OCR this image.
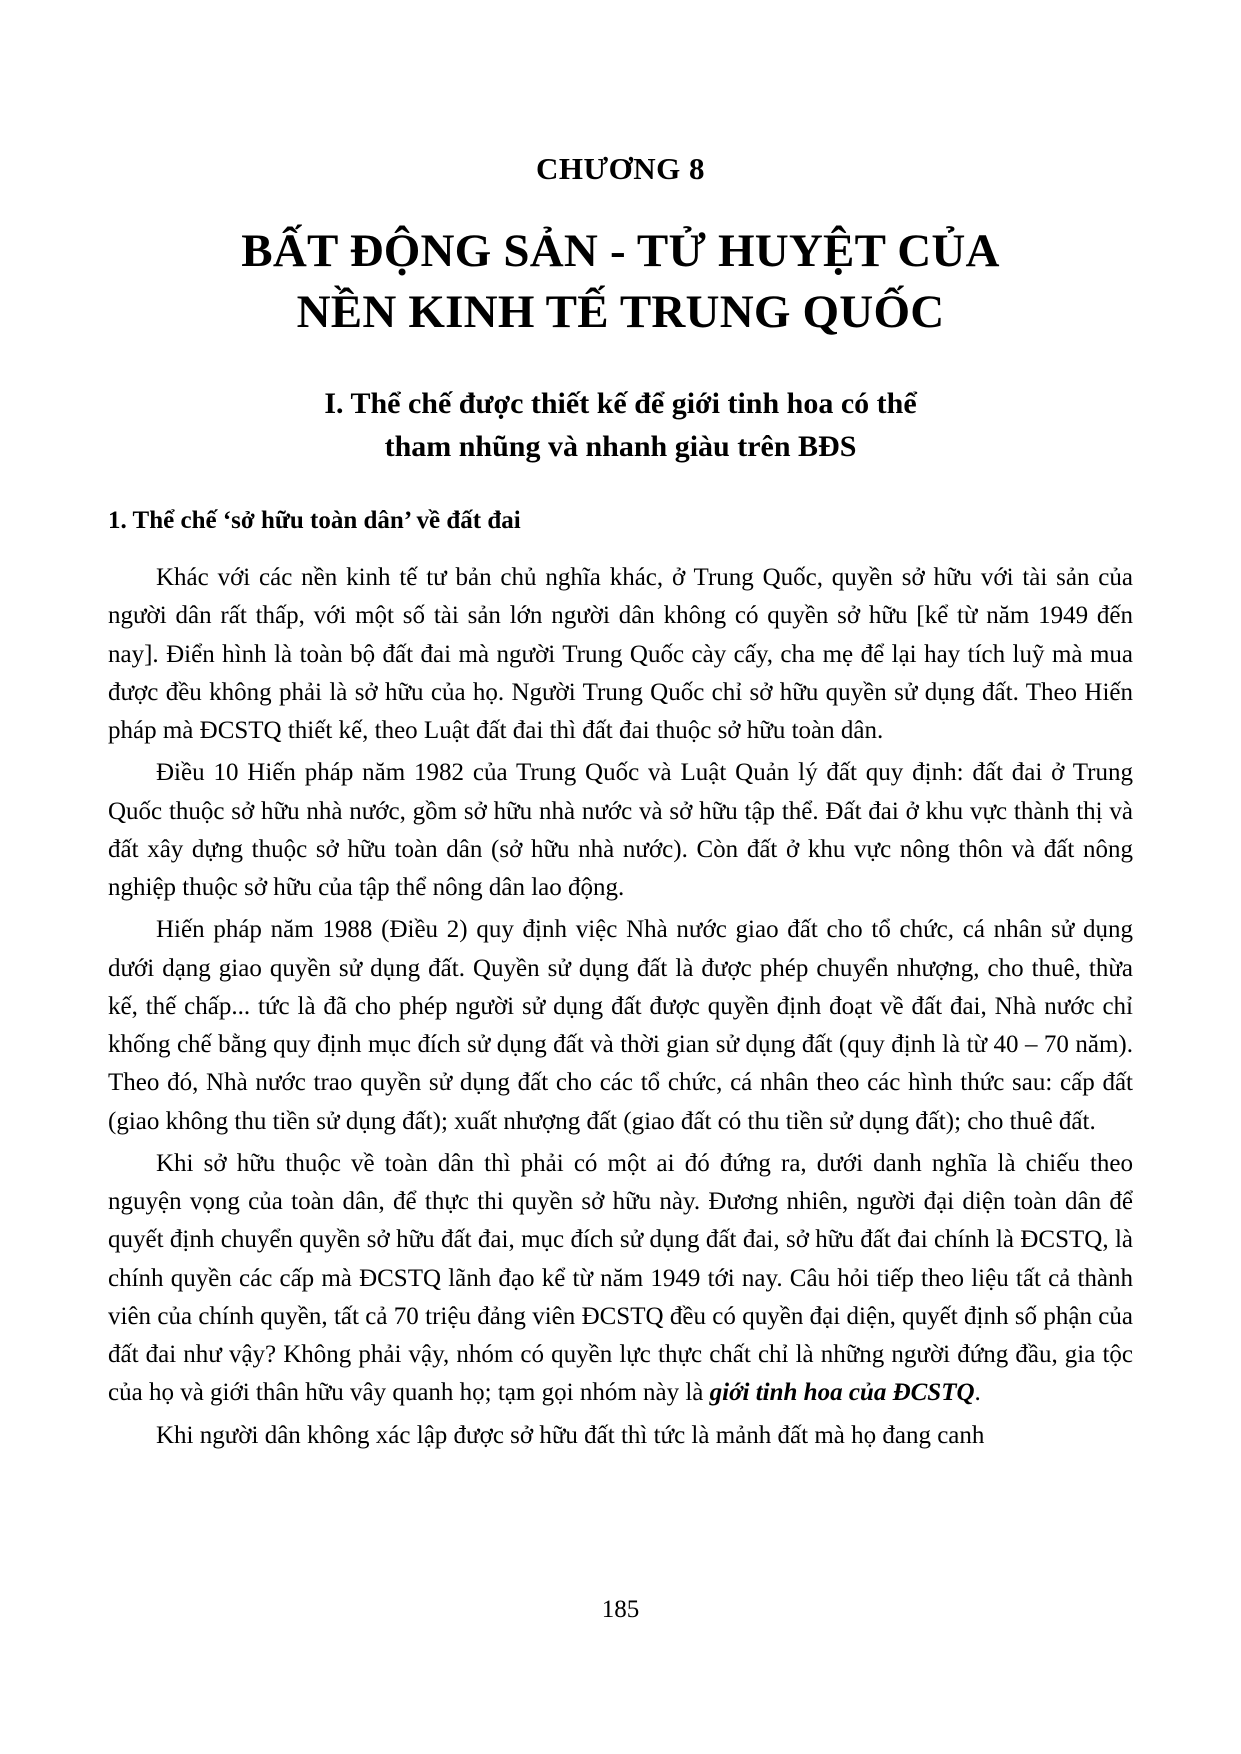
CHƯƠNG 8
BẤT ĐỘNG SẢN - TỬ HUYỆT CỦA
NỀN KINH TẾ TRUNG QUỐC
I. Thể chế được thiết kế để giới tinh hoa có thể
tham nhũng và nhanh giàu trên BĐS
1. Thể chế ‘sở hữu toàn dân’ về đất đai

Khác với các nền kinh tế tư bản chủ nghĩa khác, ở Trung Quốc, quyền sở hữu với tài sản của người dân rất thấp, với một số tài sản lớn người dân không có quyền sở hữu [kể từ năm 1949 đến nay]. Điển hình là toàn bộ đất đai mà người Trung Quốc cày cấy, cha mẹ để lại hay tích luỹ mà mua được đều không phải là sở hữu của họ. Người Trung Quốc chỉ sở hữu quyền sử dụng đất. Theo Hiến pháp mà ĐCSTQ thiết kế, theo Luật đất đai thì đất đai thuộc sở hữu toàn dân.

Điều 10 Hiến pháp năm 1982 của Trung Quốc và Luật Quản lý đất quy định: đất đai ở Trung Quốc thuộc sở hữu nhà nước, gồm sở hữu nhà nước và sở hữu tập thể. Đất đai ở khu vực thành thị và đất xây dựng thuộc sở hữu toàn dân (sở hữu nhà nước). Còn đất ở khu vực nông thôn và đất nông nghiệp thuộc sở hữu của tập thể nông dân lao động.

Hiến pháp năm 1988 (Điều 2) quy định việc Nhà nước giao đất cho tổ chức, cá nhân sử dụng dưới dạng giao quyền sử dụng đất. Quyền sử dụng đất là được phép chuyển nhượng, cho thuê, thừa kế, thế chấp... tức là đã cho phép người sử dụng đất được quyền định đoạt về đất đai, Nhà nước chỉ khống chế bằng quy định mục đích sử dụng đất và thời gian sử dụng đất (quy định là từ 40 – 70 năm). Theo đó, Nhà nước trao quyền sử dụng đất cho các tổ chức, cá nhân theo các hình thức sau: cấp đất (giao không thu tiền sử dụng đất); xuất nhượng đất (giao đất có thu tiền sử dụng đất); cho thuê đất.

Khi sở hữu thuộc về toàn dân thì phải có một ai đó đứng ra, dưới danh nghĩa là chiếu theo nguyện vọng của toàn dân, để thực thi quyền sở hữu này. Đương nhiên, người đại diện toàn dân để quyết định chuyển quyền sở hữu đất đai, mục đích sử dụng đất đai, sở hữu đất đai chính là ĐCSTQ, là chính quyền các cấp mà ĐCSTQ lãnh đạo kể từ năm 1949 tới nay. Câu hỏi tiếp theo liệu tất cả thành viên của chính quyền, tất cả 70 triệu đảng viên ĐCSTQ đều có quyền đại diện, quyết định số phận của đất đai như vậy? Không phải vậy, nhóm có quyền lực thực chất chỉ là những người đứng đầu, gia tộc của họ và giới thân hữu vây quanh họ; tạm gọi nhóm này là giới tinh hoa của ĐCSTQ.

Khi người dân không xác lập được sở hữu đất thì tức là mảnh đất mà họ đang canh

185
